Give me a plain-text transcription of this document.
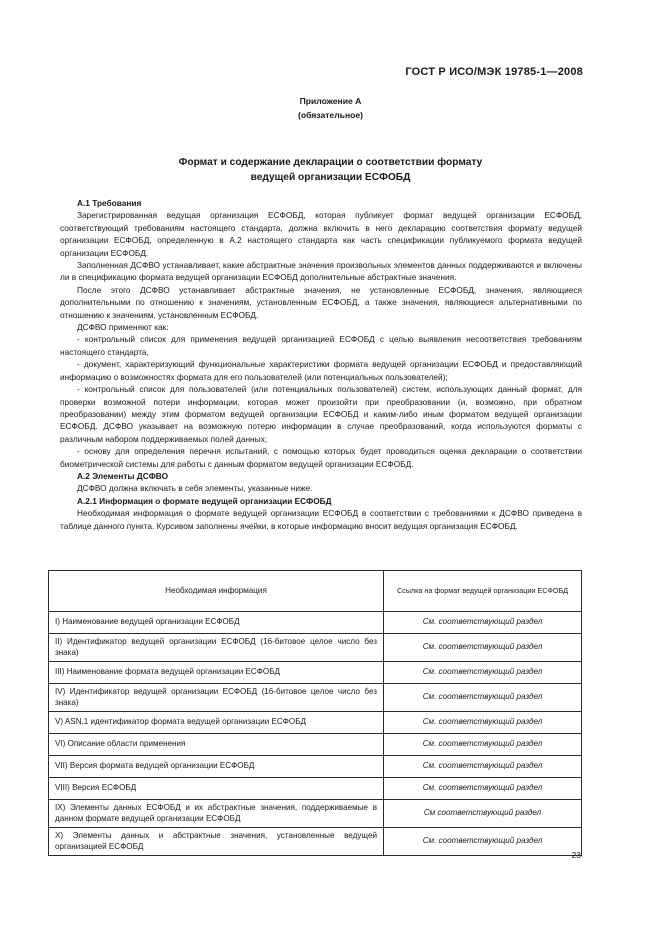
ГОСТ Р ИСО/МЭК 19785-1—2008
Приложение А
(обязательное)
Формат и содержание декларации о соответствии формату
ведущей организации ЕСФОБД

А.1 Требования

Зарегистрированная ведущая организация ЕСФОБД, которая публикует формат ведущей организации ЕСФОБД, соответствующий требованиям настоящего стандарта, должна включить в него декларацию соответствия формату ведущей организации ЕСФОБД, определенную в А.2 настоящего стандарта как часть спецификации публикуемого формата ведущей организации ЕСФОБД.

Заполненная ДСФВО устанавливает, какие абстрактные значения произвольных элементов данных поддерживаются и включены ли в спецификацию формата ведущей организации ЕСФОБД дополнительные абстрактные значения.

После этого ДСФВО устанавливает абстрактные значения, не установленные ЕСФОБД, значения, являющиеся дополнительными по отношению к значениям, установленным ЕСФОБД, а также значения, являющиеся альтернативными по отношению к значениям, установленным ЕСФОБД.

ДСФВО применяют как:

- контрольный список для применения ведущей организацией ЕСФОБД с целью выявления несоответствия требованиям настоящего стандарта,

- документ, характеризующий функциональные характеристики формата ведущей организации ЕСФОБД и предоставляющий информацию о возможностях формата для его пользователей (или потенциальных пользователей);

- контрольный список для пользователей (или потенциальных пользователей) систем, использующих данный формат, для проверки возможной потери информации, которая может произойти при преобразовании (и, возможно, при обратном преобразовании) между этим форматом ведущей организации ЕСФОБД и каким-либо иным форматом ведущей организации ЕСФОБД. ДСФВО указывает на возможную потерю информации в случае преобразований, когда используются форматы с различным набором поддерживаемых полей данных;

- основу для определения перечня испытаний, с помощью которых будет проводиться оценка декларации о соответствии биометрической системы для работы с данным форматом ведущей организации ЕСФОБД.

А.2 Элементы ДСФВО

ДСФВО должна включать в себя элементы, указанные ниже.

А.2.1 Информация о формате ведущей организации ЕСФОБД

Необходимая информация о формате ведущей организации ЕСФОБД в соответствии с требованиями к ДСФВО приведена в таблице данного пункта. Курсивом заполнены ячейки, в которые информацию вносит ведущая организация ЕСФОБД.

Необходимая информация	Ссылка на формат ведущей организации ЕСФОБД
I) Наименование ведущей организации ЕСФОБД	См. соответствующий раздел
II) Идентификатор ведущей организации ЕСФОБД (16-битовое целое число без знака)	См. соответствующий раздел
III) Наименование формата ведущей организации ЕСФОБД	См. соответствующий раздел
IV) Идентификатор ведущей организации ЕСФОБД (16-битовое целое число без знака)	См. соответствующий раздел
V) ASN.1 идентификатор формата ведущей организации ЕСФОБД	См. соответствующий раздел
VI) Описание области применения	См. соответствующий раздел
VII) Версия формата ведущей организации ЕСФОБД	См. соответствующий раздел
VIII) Версия ЕСФОБД	См. соответствующий раздел
IX) Элементы данных ЕСФОБД и их абстрактные значения, поддерживаемые в данном формате ведущей организации ЕСФОБД	См соответствующий раздел
X) Элементы данных и абстрактные значения, установленные ведущей организацией ЕСФОБД	См. соответствующий раздел
23
